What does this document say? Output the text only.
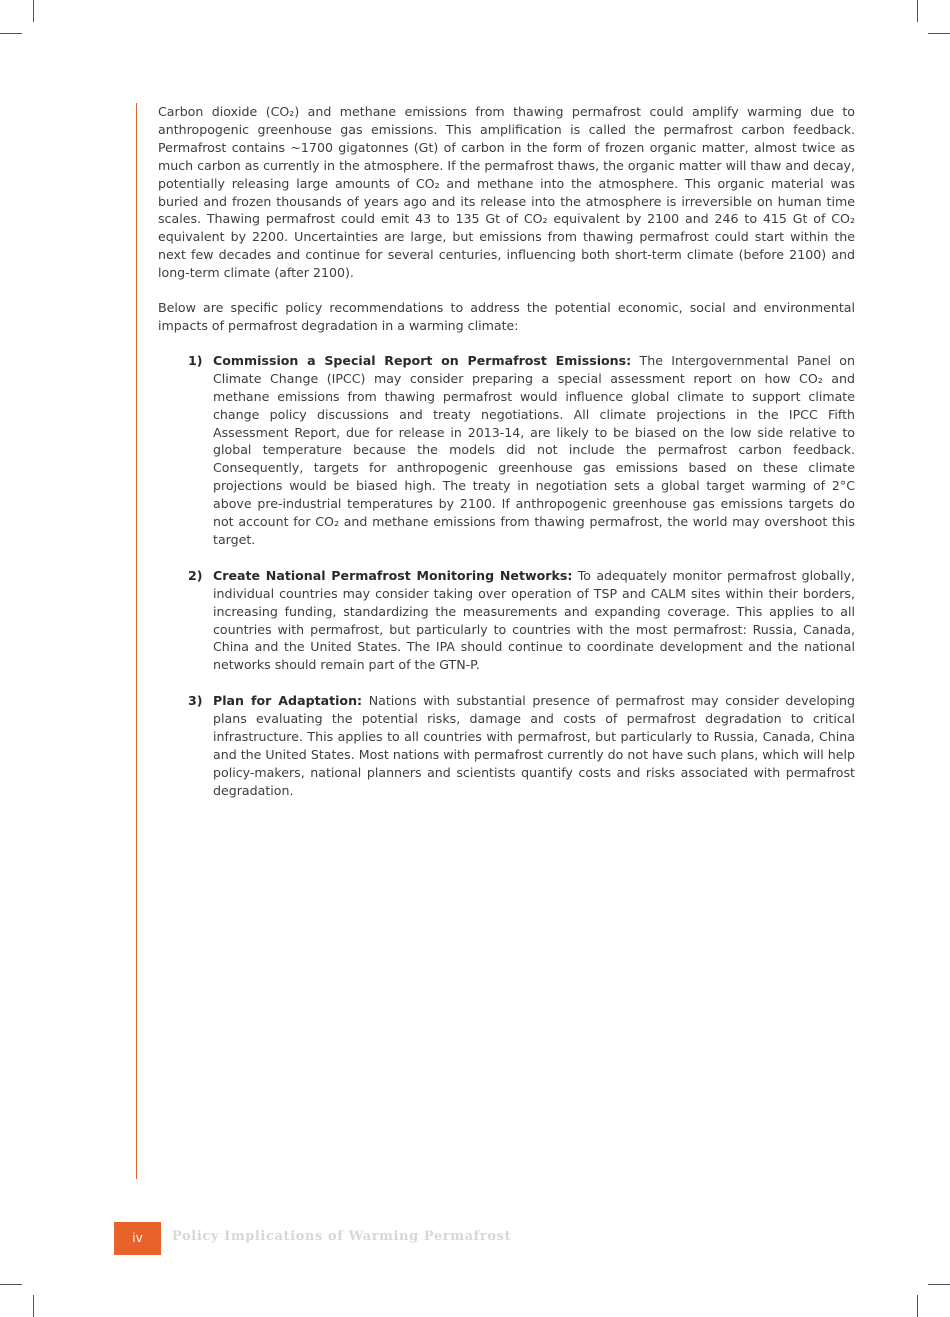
Carbon dioxide (CO₂) and methane emissions from thawing permafrost could amplify warming due to anthropogenic greenhouse gas emissions. This amplification is called the permafrost carbon feedback. Permafrost contains ~1700 gigatonnes (Gt) of carbon in the form of frozen organic matter, almost twice as much carbon as currently in the atmosphere. If the permafrost thaws, the organic matter will thaw and decay, potentially releasing large amounts of CO₂ and methane into the atmosphere. This organic material was buried and frozen thousands of years ago and its release into the atmosphere is irreversible on human time scales. Thawing permafrost could emit 43 to 135 Gt of CO₂ equivalent by 2100 and 246 to 415 Gt of CO₂ equivalent by 2200. Uncertainties are large, but emissions from thawing permafrost could start within the next few decades and continue for several centuries, influencing both short-term climate (before 2100) and long-term climate (after 2100).

Below are specific policy recommendations to address the potential economic, social and environmental impacts of permafrost degradation in a warming climate:

1) Commission a Special Report on Permafrost Emissions: The Intergovernmental Panel on Climate Change (IPCC) may consider preparing a special assessment report on how CO₂ and methane emissions from thawing permafrost would influence global climate to support climate change policy discussions and treaty negotiations. All climate projections in the IPCC Fifth Assessment Report, due for release in 2013-14, are likely to be biased on the low side relative to global temperature because the models did not include the permafrost carbon feedback. Consequently, targets for anthropogenic greenhouse gas emissions based on these climate projections would be biased high. The treaty in negotiation sets a global target warming of 2°C above pre-industrial temperatures by 2100. If anthropogenic greenhouse gas emissions targets do not account for CO₂ and methane emissions from thawing permafrost, the world may overshoot this target.
2) Create National Permafrost Monitoring Networks: To adequately monitor permafrost globally, individual countries may consider taking over operation of TSP and CALM sites within their borders, increasing funding, standardizing the measurements and expanding coverage. This applies to all countries with permafrost, but particularly to countries with the most permafrost: Russia, Canada, China and the United States. The IPA should continue to coordinate development and the national networks should remain part of the GTN-P.
3) Plan for Adaptation: Nations with substantial presence of permafrost may consider developing plans evaluating the potential risks, damage and costs of permafrost degradation to critical infrastructure. This applies to all countries with permafrost, but particularly to Russia, Canada, China and the United States. Most nations with permafrost currently do not have such plans, which will help policy-makers, national planners and scientists quantify costs and risks associated with permafrost degradation.
iv	Policy Implications of Warming Permafrost
